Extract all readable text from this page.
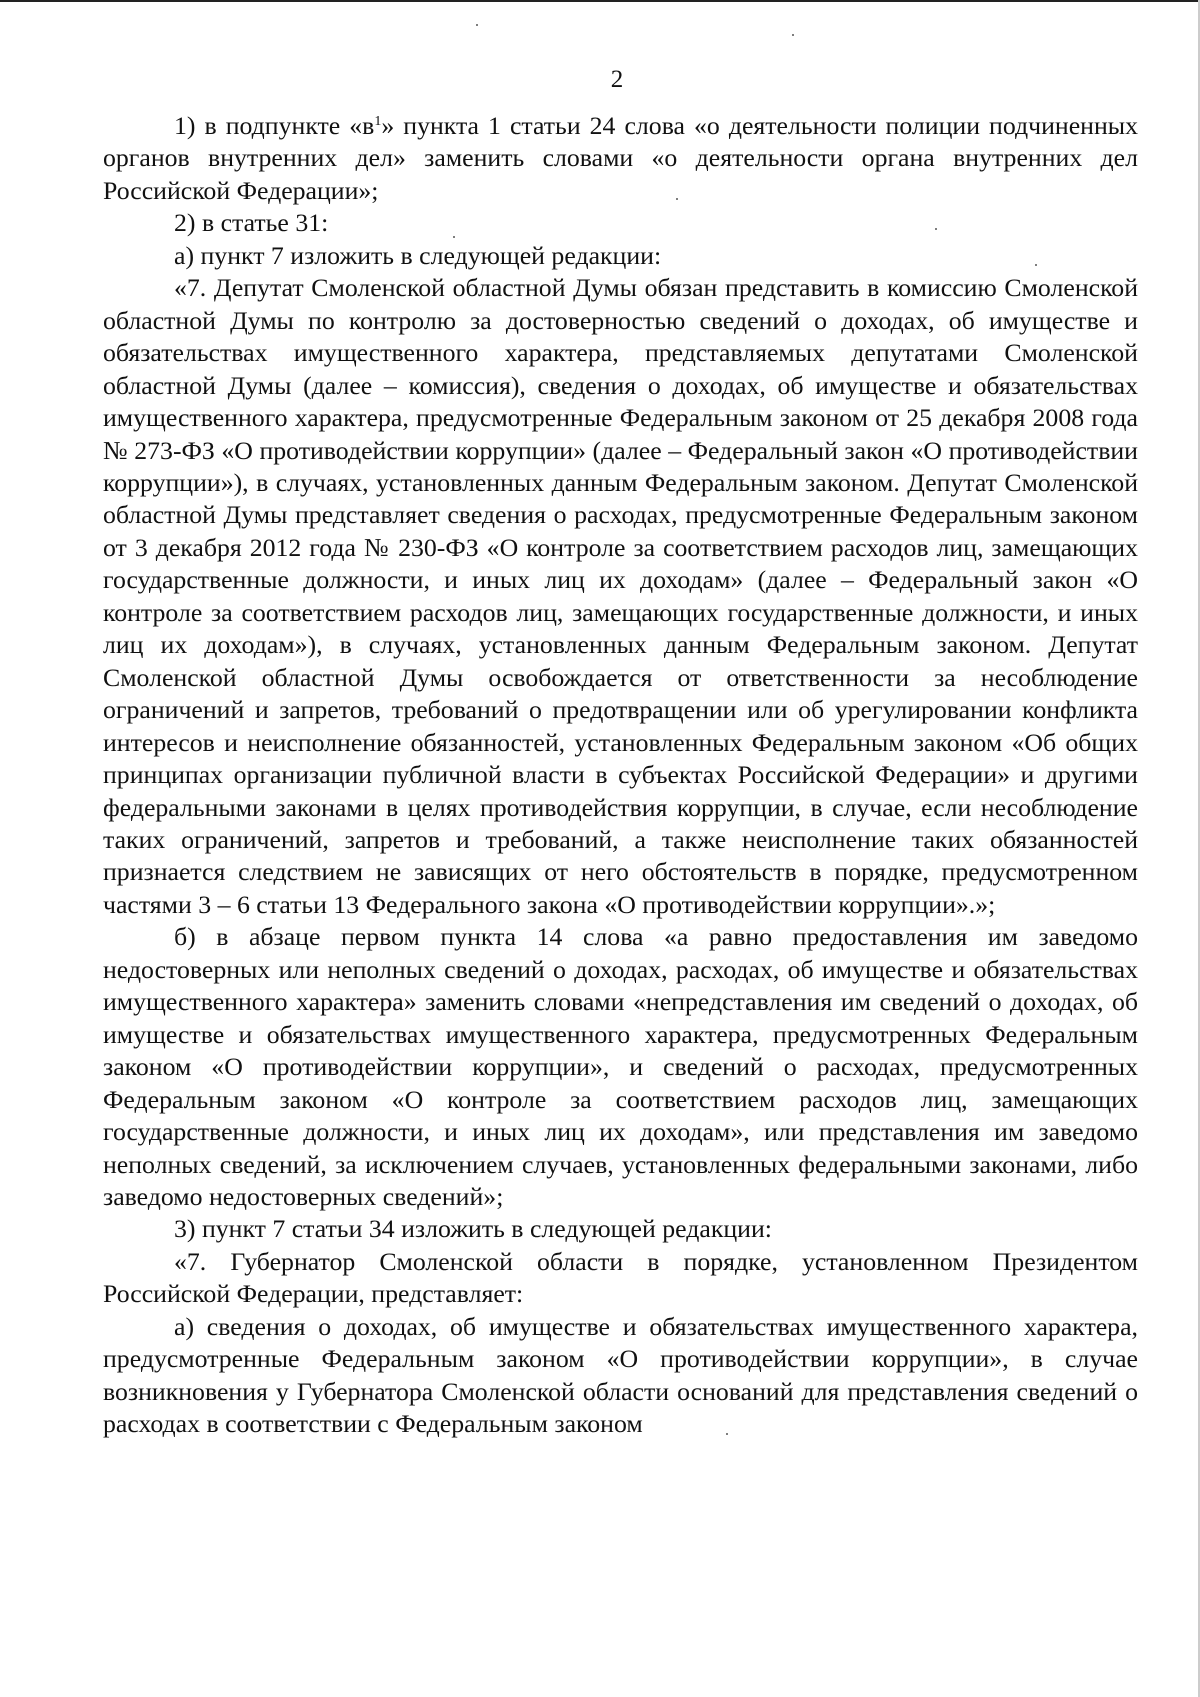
2

1) в подпункте «$в^1$» пункта 1 статьи 24 слова «о деятельности полиции подчиненных органов внутренних дел» заменить словами «о деятельности органа внутренних дел Российской Федерации»;

2) в статье 31:

а) пункт 7 изложить в следующей редакции:

«7. Депутат Смоленской областной Думы обязан представить в комиссию Смоленской областной Думы по контролю за достоверностью сведений о доходах, об имуществе и обязательствах имущественного характера, представляемых депутатами Смоленской областной Думы (далее – комиссия), сведения о доходах, об имуществе и обязательствах имущественного характера, предусмотренные Федеральным законом от 25 декабря 2008 года № 273-ФЗ «О противодействии коррупции» (далее – Федеральный закон «О противодействии коррупции»), в случаях, установленных данным Федеральным законом. Депутат Смоленской областной Думы представляет сведения о расходах, предусмотренные Федеральным законом от 3 декабря 2012 года № 230-ФЗ «О контроле за соответствием расходов лиц, замещающих государственные должности, и иных лиц их доходам» (далее – Федеральный закон «О контроле за соответствием расходов лиц, замещающих государственные должности, и иных лиц их доходам»), в случаях, установленных данным Федеральным законом. Депутат Смоленской областной Думы освобождается от ответственности за несоблюдение ограничений и запретов, требований о предотвращении или об урегулировании конфликта интересов и неисполнение обязанностей, установленных Федеральным законом «Об общих принципах организации публичной власти в субъектах Российской Федерации» и другими федеральными законами в целях противодействия коррупции, в случае, если несоблюдение таких ограничений, запретов и требований, а также неисполнение таких обязанностей признается следствием не зависящих от него обстоятельств в порядке, предусмотренном частями 3 – 6 статьи 13 Федерального закона «О противодействии коррупции».»;

б) в абзаце первом пункта 14 слова «а равно предоставления им заведомо недостоверных или неполных сведений о доходах, расходах, об имуществе и обязательствах имущественного характера» заменить словами «непредставления им сведений о доходах, об имуществе и обязательствах имущественного характера, предусмотренных Федеральным законом «О противодействии коррупции», и сведений о расходах, предусмотренных Федеральным законом «О контроле за соответствием расходов лиц, замещающих государственные должности, и иных лиц их доходам», или представления им заведомо неполных сведений, за исключением случаев, установленных федеральными законами, либо заведомо недостоверных сведений»;

3) пункт 7 статьи 34 изложить в следующей редакции:

«7. Губернатор Смоленской области в порядке, установленном Президентом Российской Федерации, представляет:

а) сведения о доходах, об имуществе и обязательствах имущественного характера, предусмотренные Федеральным законом «О противодействии коррупции», в случае возникновения у Губернатора Смоленской области оснований для представления сведений о расходах в соответствии с Федеральным законом
